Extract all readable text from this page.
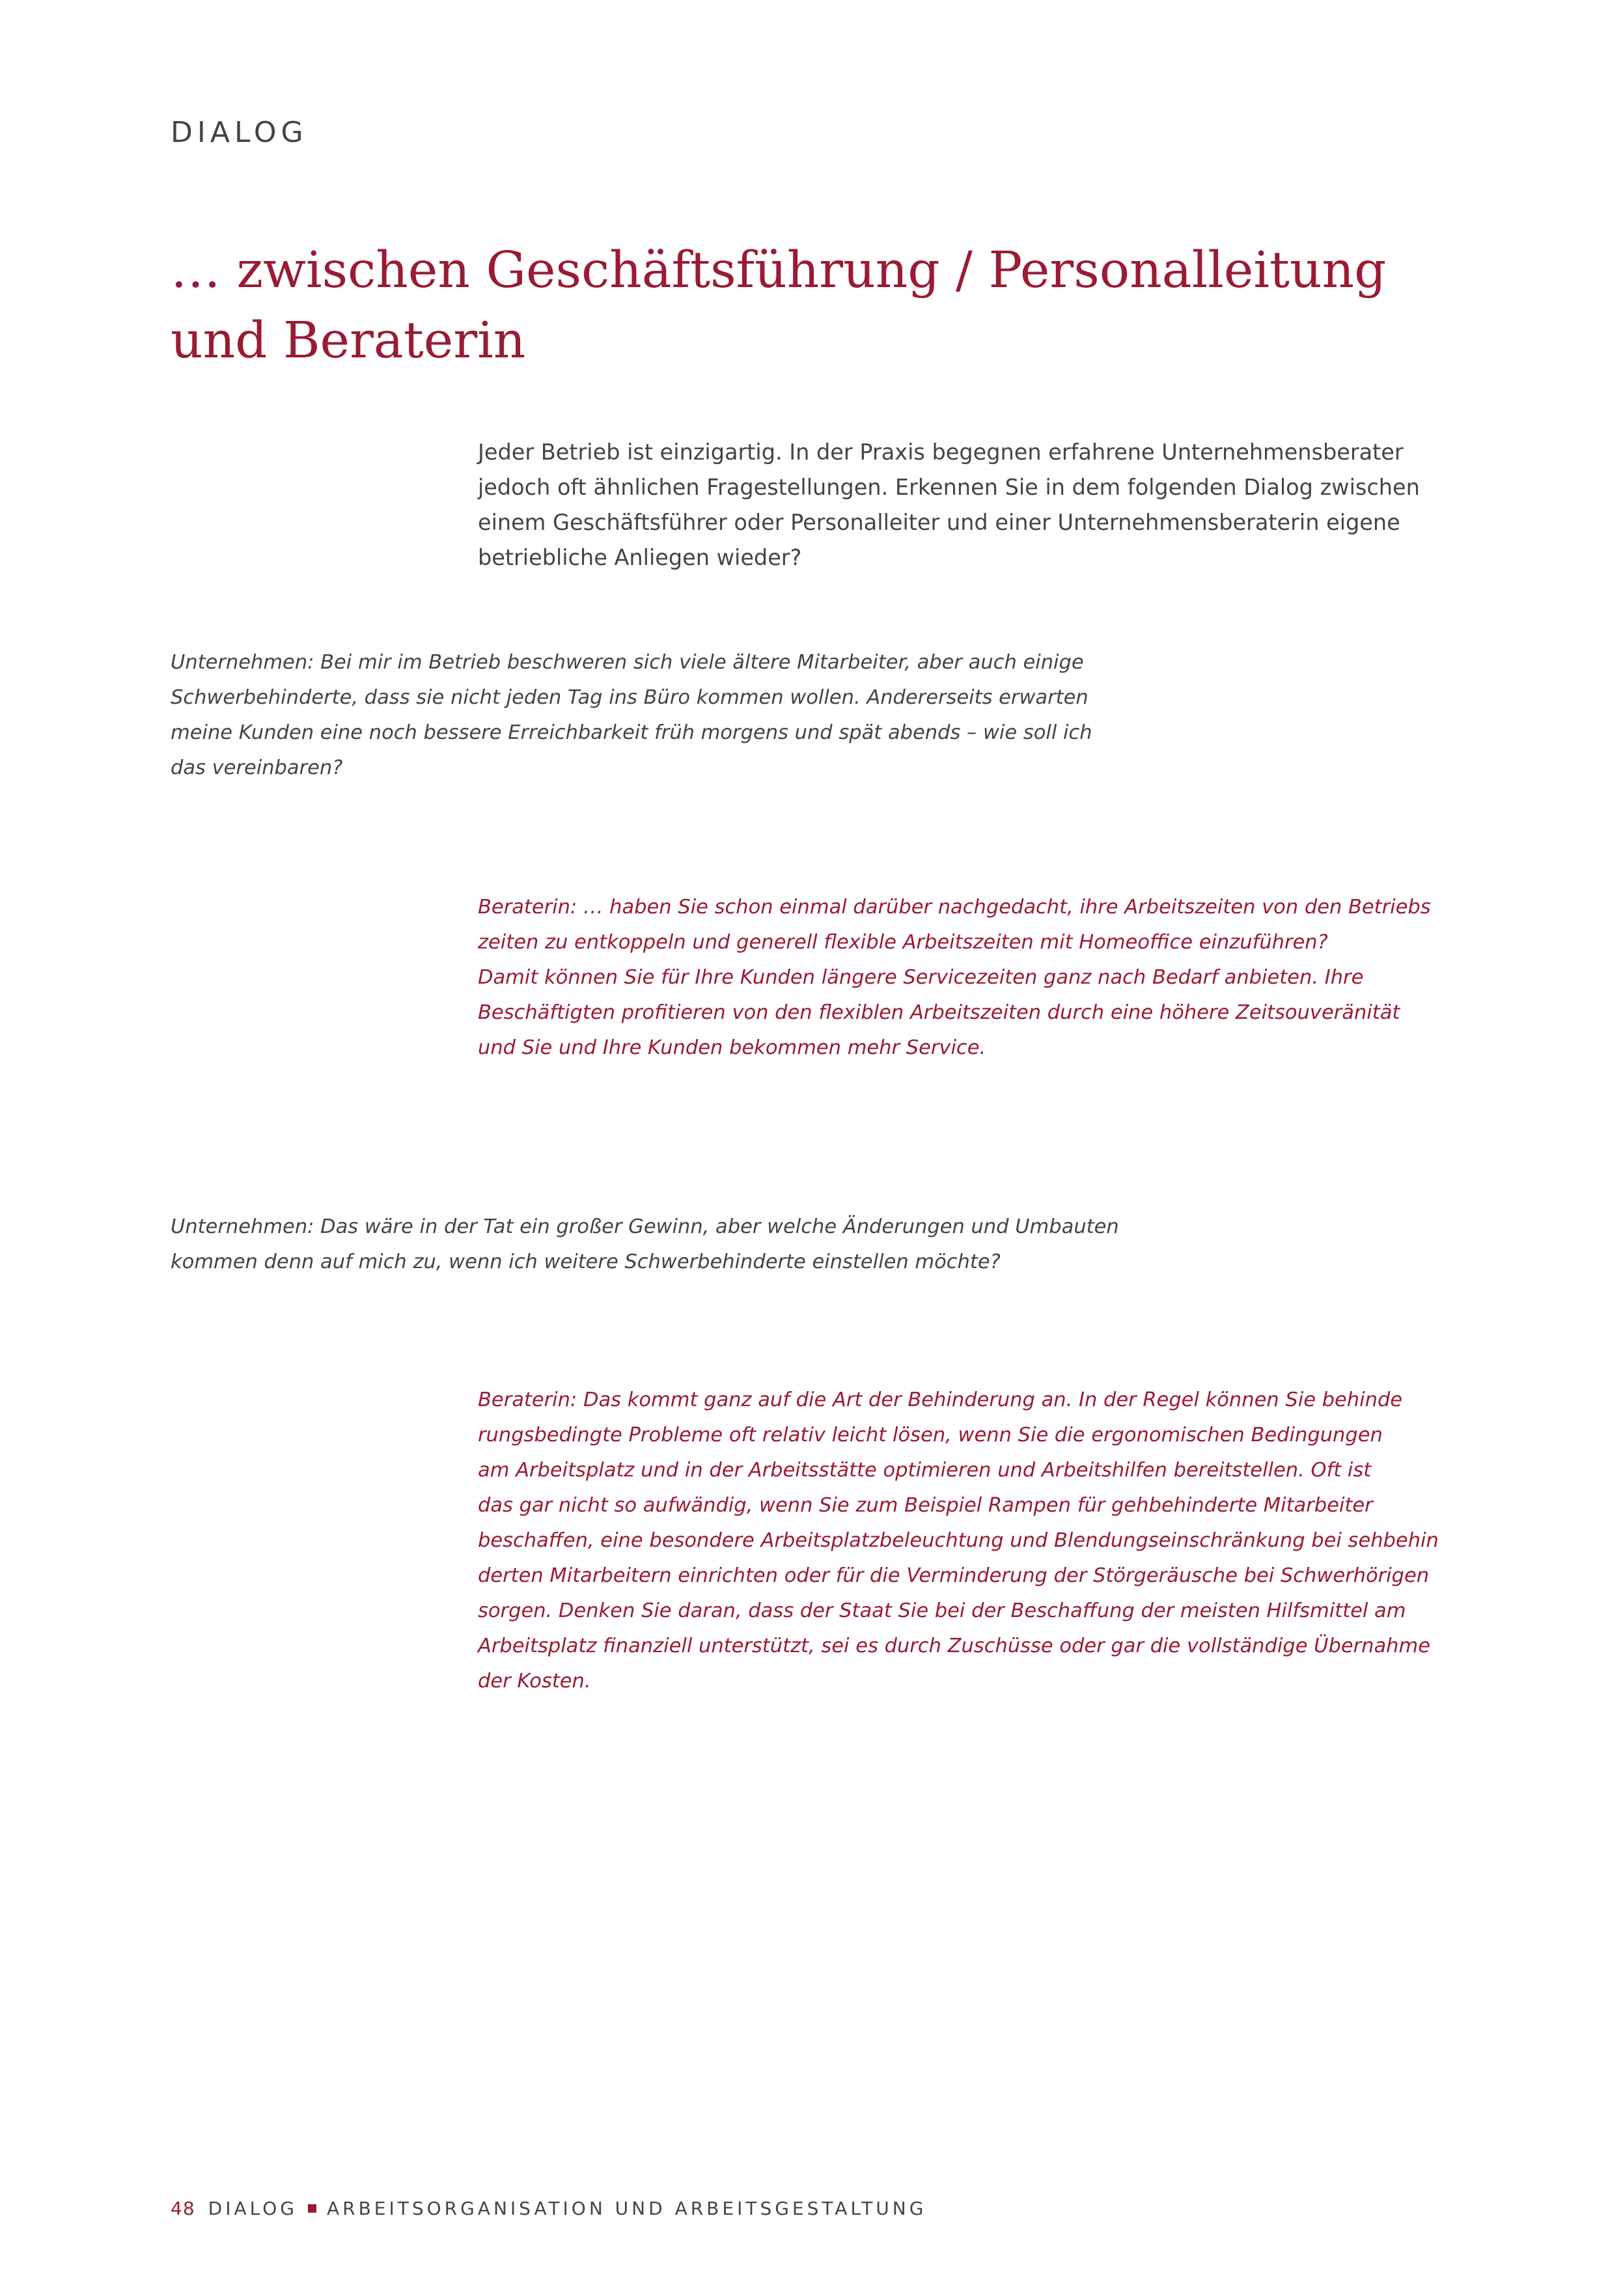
DIALOG
… zwischen Geschäftsführung / Personalleitung
und Beraterin
Jeder Betrieb ist einzigartig. In der Praxis begegnen erfahrene Unternehmensberater
jedoch oft ähnlichen Fragestellungen. Erkennen Sie in dem folgenden Dialog zwischen
einem Geschäftsführer oder Personalleiter und einer Unternehmensberaterin eigene
betriebliche Anliegen wieder?
Unternehmen: Bei mir im Betrieb beschweren sich viele ältere Mitarbeiter, aber auch einige
Schwerbehinderte, dass sie nicht jeden Tag ins Büro kommen wollen. Andererseits erwarten
meine Kunden eine noch bessere Erreichbarkeit früh morgens und spät abends – wie soll ich
das vereinbaren?
Beraterin: … haben Sie schon einmal darüber nachgedacht, ihre Arbeitszeiten von den Betriebs
zeiten zu entkoppeln und generell flexible Arbeitszeiten mit Homeoffice einzuführen?
Damit können Sie für Ihre Kunden längere Servicezeiten ganz nach Bedarf anbieten. Ihre
Beschäftigten profitieren von den flexiblen Arbeitszeiten durch eine höhere Zeitsouveränität
und Sie und Ihre Kunden bekommen mehr Service.
Unternehmen: Das wäre in der Tat ein großer Gewinn, aber welche Änderungen und Umbauten
kommen denn auf mich zu, wenn ich weitere Schwerbehinderte einstellen möchte?
Beraterin: Das kommt ganz auf die Art der Behinderung an. In der Regel können Sie behinde
rungsbedingte Probleme oft relativ leicht lösen, wenn Sie die ergonomischen Bedingungen
am Arbeitsplatz und in der Arbeitsstätte optimieren und Arbeitshilfen bereitstellen. Oft ist
das gar nicht so aufwändig, wenn Sie zum Beispiel Rampen für gehbehinderte Mitarbeiter
beschaffen, eine besondere Arbeitsplatzbeleuchtung und Blendungseinschränkung bei sehbehin
derten Mitarbeitern einrichten oder für die Verminderung der Störgeräusche bei Schwerhörigen
sorgen. Denken Sie daran, dass der Staat Sie bei der Beschaffung der meisten Hilfsmittel am
Arbeitsplatz finanziell unterstützt, sei es durch Zuschüsse oder gar die vollständige Übernahme
der Kosten.
48 DIALOG ARBEITSORGANISATION UND ARBEITSGESTALTUNG
